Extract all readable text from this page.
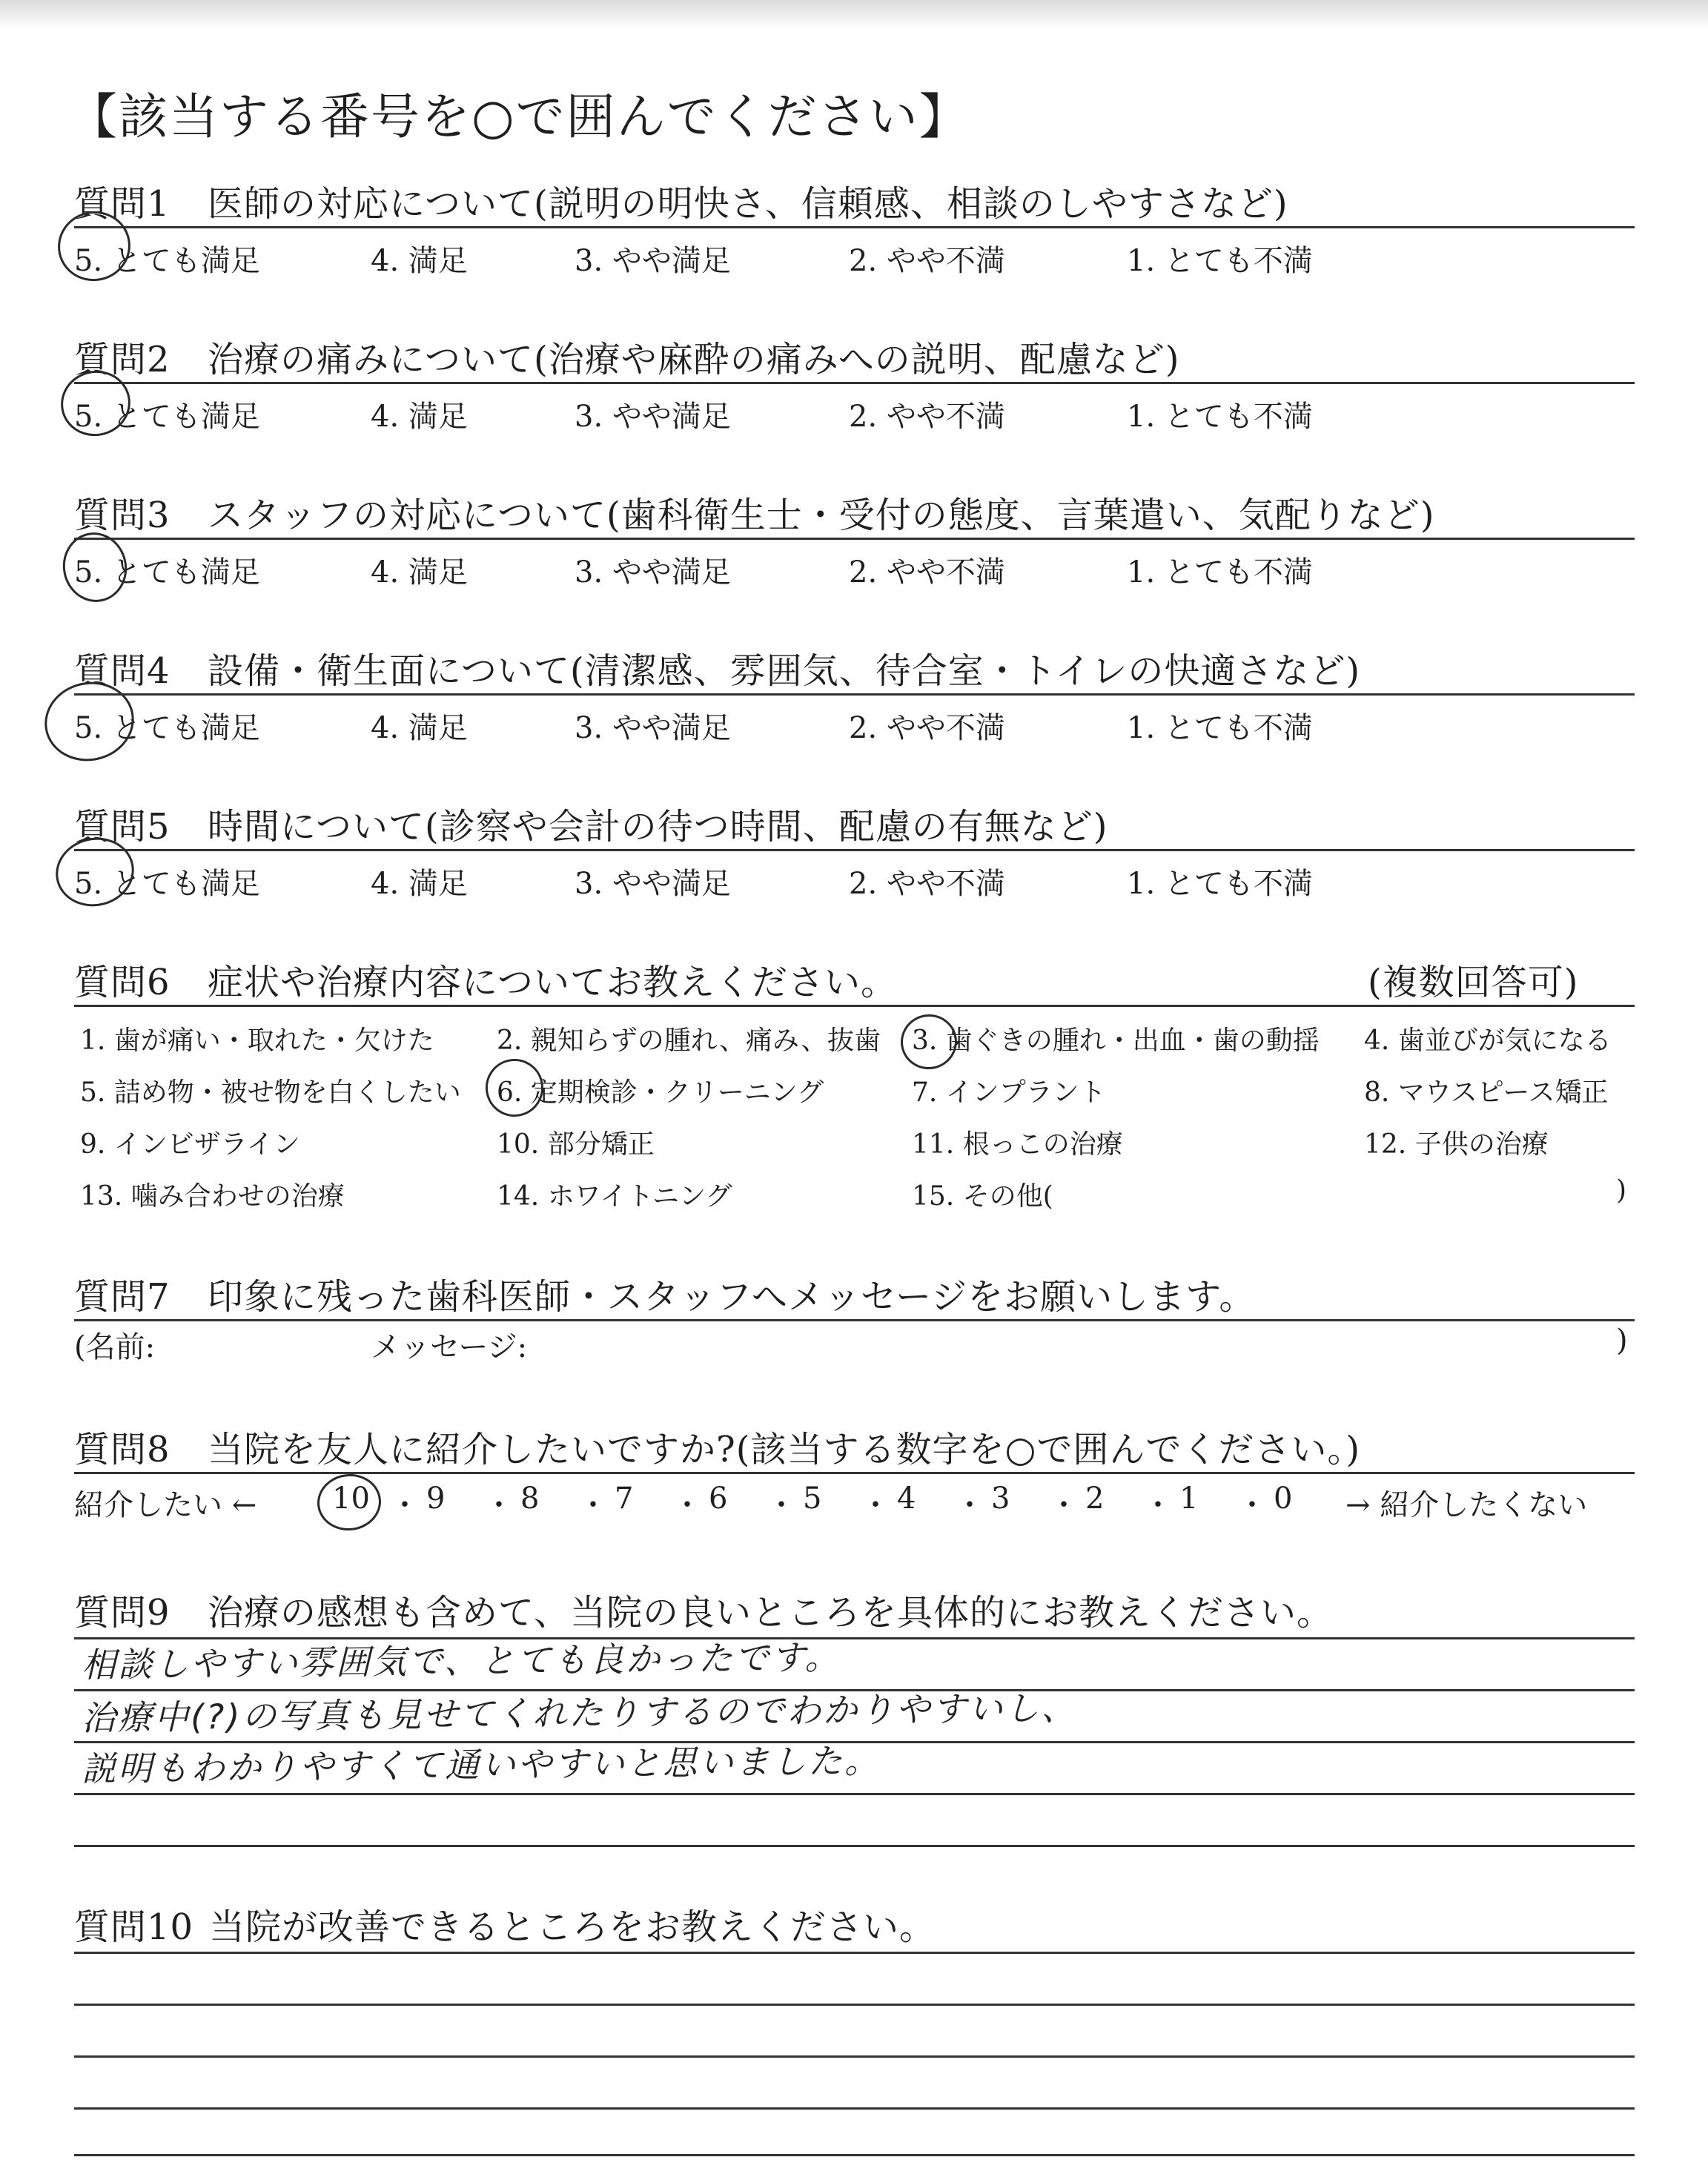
【該当する番号を○で囲んでください】
質問1 医師の対応について(説明の明快さ、信頼感、相談のしやすさなど)
5. とても満足	4. 満足	3. やや満足	2. やや不満	1. とても不満
質問2 治療の痛みについて(治療や麻酔の痛みへの説明、配慮など)
5. とても満足	4. 満足	3. やや満足	2. やや不満	1. とても不満
質問3 スタッフの対応について(歯科衛生士・受付の態度、言葉遣い、気配りなど)
5. とても満足	4. 満足	3. やや満足	2. やや不満	1. とても不満
質問4 設備・衛生面について(清潔感、雰囲気、待合室・トイレの快適さなど)
5. とても満足	4. 満足	3. やや満足	2. やや不満	1. とても不満
質問5 時間について(診察や会計の待つ時間、配慮の有無など)
5. とても満足	4. 満足	3. やや満足	2. やや不満	1. とても不満
質問6 症状や治療内容についてお教えください。	(複数回答可)
1. 歯が痛い・取れた・欠けた 2. 親知らずの腫れ、痛み、抜歯 3. 歯ぐきの腫れ・出血・歯の動揺 4. 歯並びが気になる
5. 詰め物・被せ物を白くしたい 6. 定期検診・クリーニング	7. インプラント	8. マウスピース矯正
9. インビザライン	10. 部分矯正	11. 根っこの治療	12. 子供の治療
13. 噛み合わせの治療	14. ホワイトニング	15. その他(	)
質問7 印象に残った歯科医師・スタッフへメッセージをお願いします。
(名前:	メッセージ:	)
質問8 当院を友人に紹介したいですか?(該当する数字を○で囲んでください。)
紹介したい ←	→ 紹介したくない
10 ・ 9 ・ 8 ・ 7 ・ 6 ・ 5 ・ 4 ・ 3 ・ 2 ・ 1 ・ 0
質問9 治療の感想も含めて、当院の良いところを具体的にお教えください。
相談しやすい雰囲気で、とても良かったです。
治療中(?)の写真も見せてくれたりするのでわかりやすいし、
説明もわかりやすくて通いやすいと思いました。
質問10 当院が改善できるところをお教えください。
